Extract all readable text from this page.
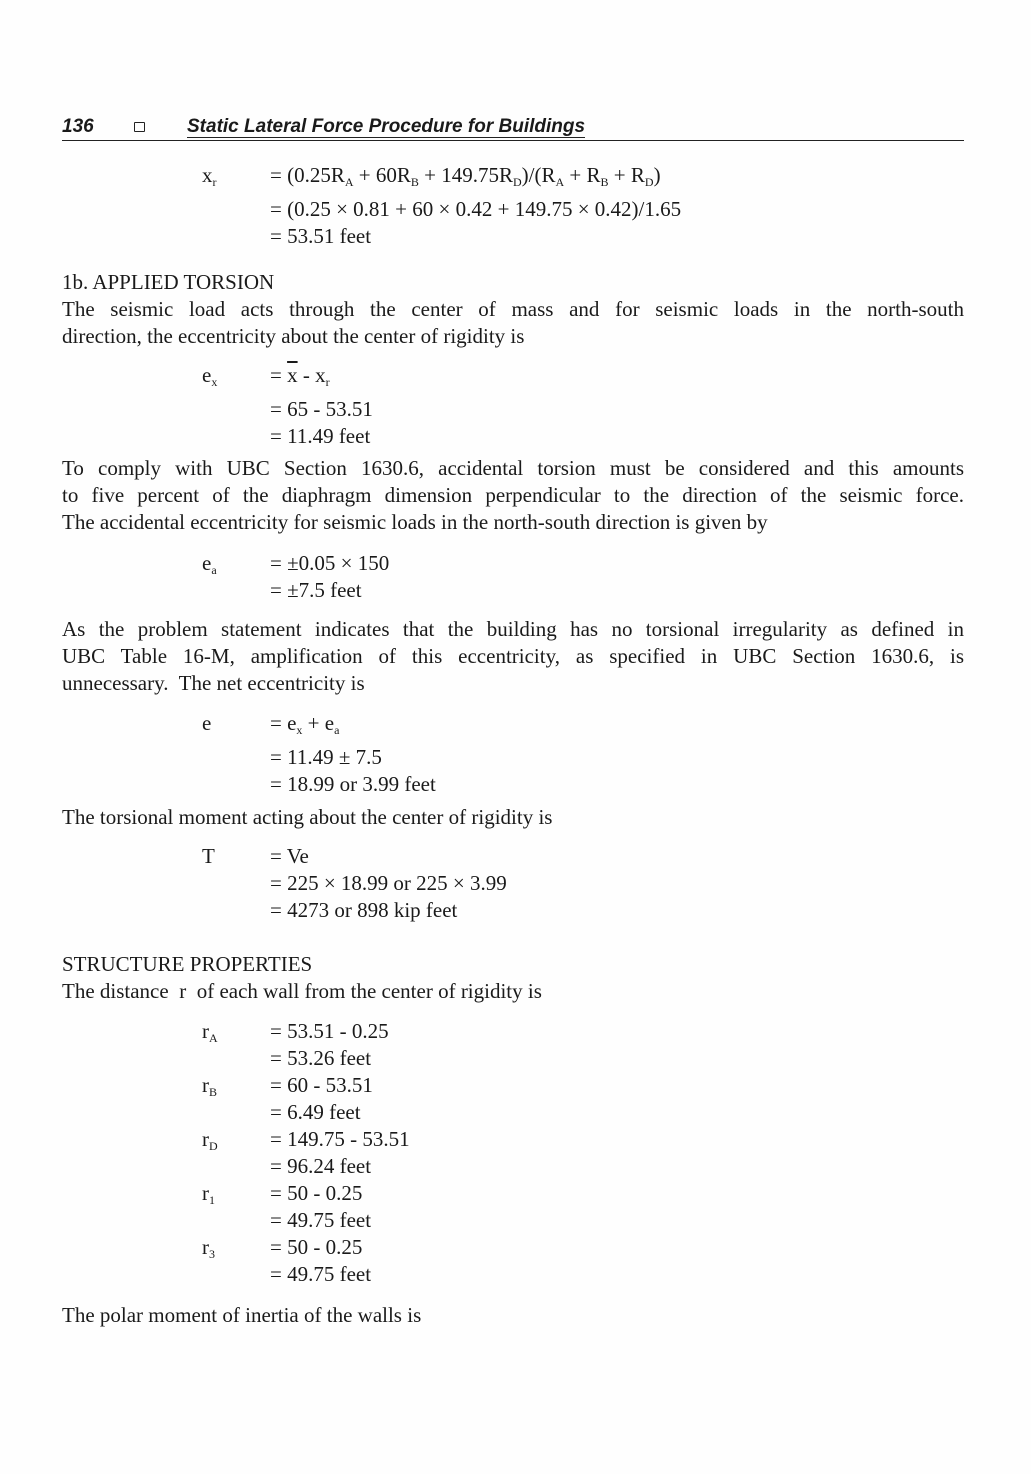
136	Static Lateral Force Procedure for Buildings
xr	= (0.25RA + 60RB + 149.75RD)/(RA + RB + RD)
= (0.25 × 0.81 + 60 × 0.42 + 149.75 × 0.42)/1.65
= 53.51 feet
1b. APPLIED TORSION
The seismic load acts through the center of mass and for seismic loads in the north-south
direction, the eccentricity about the center of rigidity is
ex	= $\overline{x}$ - xr
= 65 - 53.51
= 11.49 feet
To comply with UBC Section 1630.6, accidental torsion must be considered and this amounts
to five percent of the diaphragm dimension perpendicular to the direction of the seismic force.
The accidental eccentricity for seismic loads in the north-south direction is given by
ea	= ±0.05 × 150
= ±7.5 feet
As the problem statement indicates that the building has no torsional irregularity as defined in
UBC Table 16-M, amplification of this eccentricity, as specified in UBC Section 1630.6, is
unnecessary.  The net eccentricity is
e	= ex + ea
= 11.49 ± 7.5
= 18.99 or 3.99 feet
The torsional moment acting about the center of rigidity is
T	= Ve
= 225 × 18.99 or 225 × 3.99
= 4273 or 898 kip feet
STRUCTURE PROPERTIES
The distance  r  of each wall from the center of rigidity is
rA = 53.51 - 0.25
= 53.26 feet
rB	= 60 - 53.51
= 6.49 feet
rD = 149.75 - 53.51
= 96.24 feet
r1	= 50 - 0.25
= 49.75 feet
r3	= 50 - 0.25
= 49.75 feet
The polar moment of inertia of the walls is
